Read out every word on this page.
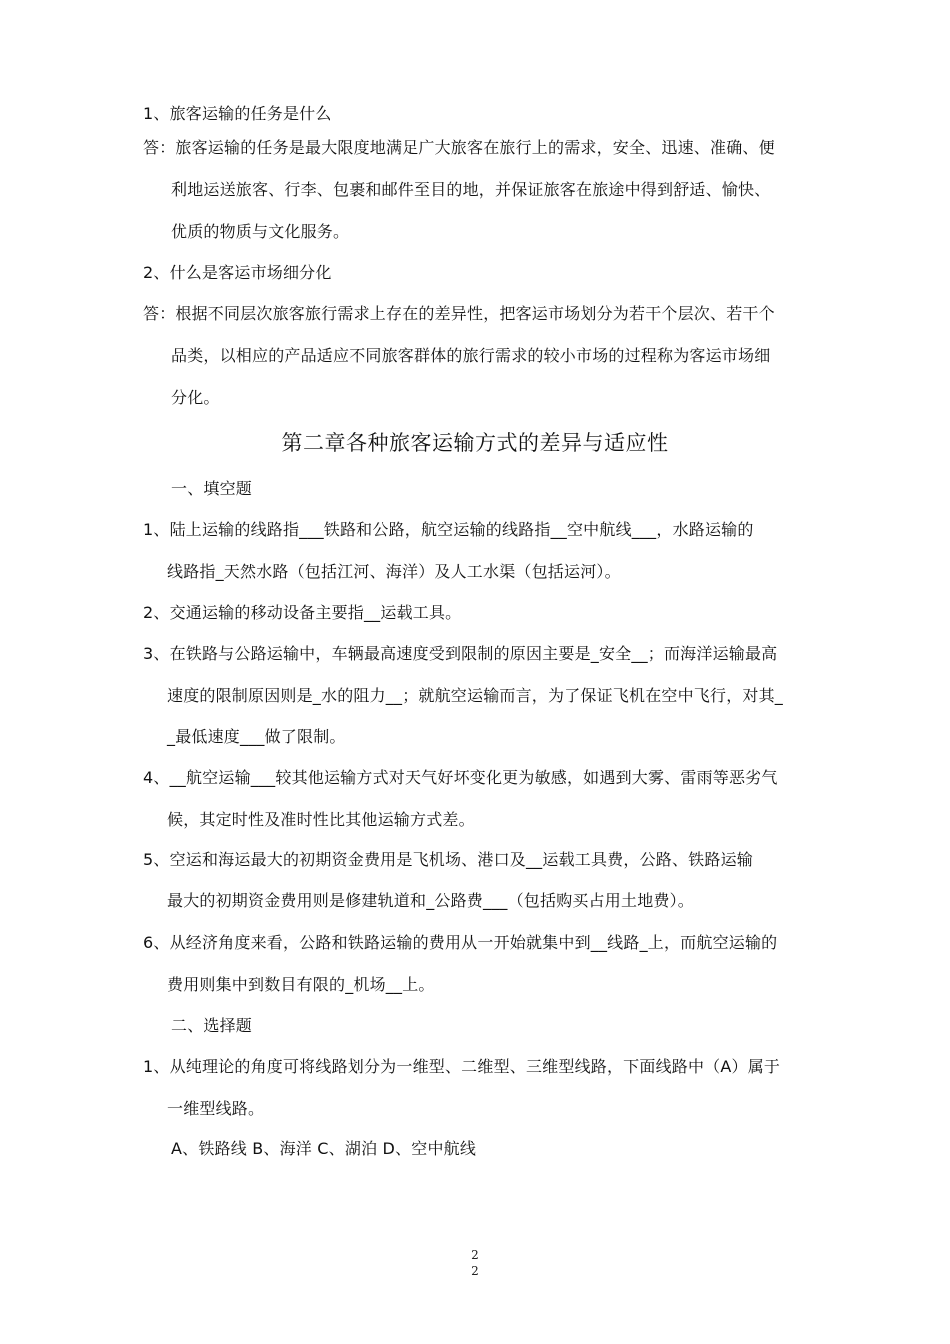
1、旅客运输的任务是什么
答：旅客运输的任务是最大限度地满足广大旅客在旅行上的需求，安全、迅速、准确、便
利地运送旅客、行李、包裹和邮件至目的地，并保证旅客在旅途中得到舒适、愉快、
优质的物质与文化服务。
2、什么是客运市场细分化
答：根据不同层次旅客旅行需求上存在的差异性，把客运市场划分为若干个层次、若干个
品类，以相应的产品适应不同旅客群体的旅行需求的较小市场的过程称为客运市场细
分化。
第二章各种旅客运输方式的差异与适应性
一、填空题
1、陆上运输的线路指___铁路和公路，航空运输的线路指__空中航线___，水路运输的
线路指_天然水路（包括江河、海洋）及人工水渠（包括运河）。
2、交通运输的移动设备主要指__运载工具。
3、在铁路与公路运输中，车辆最高速度受到限制的原因主要是_安全__；而海洋运输最高
速度的限制原因则是_水的阻力__；就航空运输而言，为了保证飞机在空中飞行，对其_
_最低速度___做了限制。
4、__航空运输___较其他运输方式对天气好坏变化更为敏感，如遇到大雾、雷雨等恶劣气
候，其定时性及准时性比其他运输方式差。
5、空运和海运最大的初期资金费用是飞机场、港口及__运载工具费，公路、铁路运输
最大的初期资金费用则是修建轨道和_公路费___（包括购买占用土地费）。
6、从经济角度来看，公路和铁路运输的费用从一开始就集中到__线路_上，而航空运输的
费用则集中到数目有限的_机场__上。
二、选择题
1、从纯理论的角度可将线路划分为一维型、二维型、三维型线路，下面线路中（A）属于
一维型线路。
A、铁路线 B、海洋 C、湖泊 D、空中航线
2
2
